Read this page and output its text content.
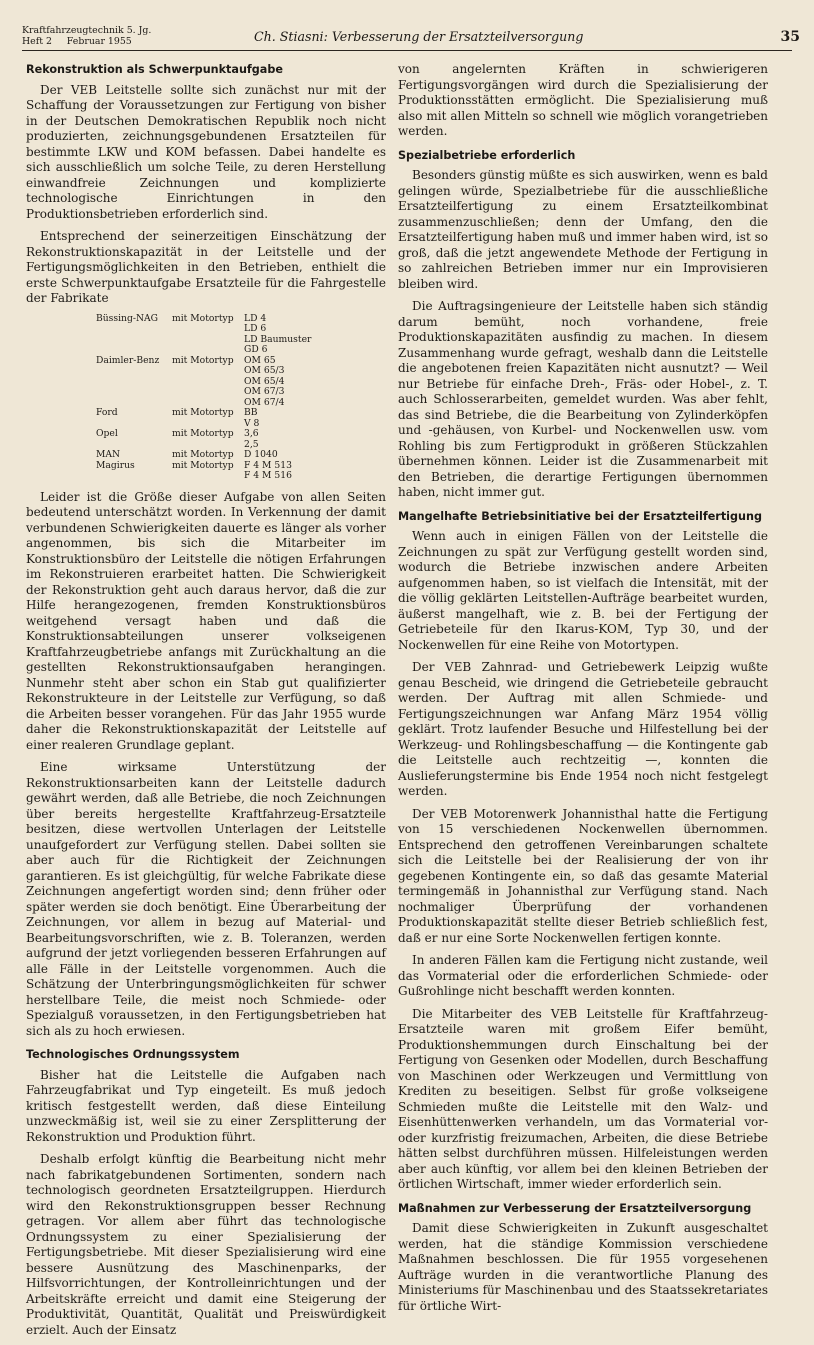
Kraftfahrzeugtechnik 5. Jg.
Heft 2     Februar 1955	Ch. Stiasni: Verbesserung der Ersatzteilversorgung	35
Rekonstruktion als Schwerpunktaufgabe

Der VEB Leitstelle sollte sich zunächst nur mit der Schaffung der Voraussetzungen zur Fertigung von bisher in der Deutschen Demokratischen Republik noch nicht produzierten, zeichnungsgebundenen Ersatzteilen für bestimmte LKW und KOM befassen. Dabei handelte es sich ausschließlich um solche Teile, zu deren Herstellung einwandfreie Zeichnungen und komplizierte technologische Einrichtungen in den Produktionsbetrieben erforderlich sind.

Entsprechend der seinerzeitigen Einschätzung der Rekonstruktionskapazität in der Leitstelle und der Fertigungsmöglichkeiten in den Betrieben, enthielt die erste Schwerpunktaufgabe Ersatzteile für die Fahrgestelle der Fabrikate

Büssing-NAG	mit Motortyp	LD 4
		LD 6
		LD Baumuster
		GD 6
Daimler-Benz	mit Motortyp	OM 65
		OM 65/3
		OM 65/4
		OM 67/3
		OM 67/4
Ford	mit Motortyp	BB
		V 8
Opel	mit Motortyp	3,6
		2,5
MAN	mit Motortyp	D 1040
Magirus	mit Motortyp	F 4 M 513
		F 4 M 516

Leider ist die Größe dieser Aufgabe von allen Seiten bedeutend unterschätzt worden. In Verkennung der damit verbundenen Schwierigkeiten dauerte es länger als vorher angenommen, bis sich die Mitarbeiter im Konstruktionsbüro der Leitstelle die nötigen Erfahrungen im Rekonstruieren erarbeitet hatten. Die Schwierigkeit der Rekonstruktion geht auch daraus hervor, daß die zur Hilfe herangezogenen, fremden Konstruktionsbüros weitgehend versagt haben und daß die Konstruktionsabteilungen unserer volkseigenen Kraftfahrzeugbetriebe anfangs mit Zurückhaltung an die gestellten Rekonstruktionsaufgaben herangingen. Nunmehr steht aber schon ein Stab gut qualifizierter Rekonstrukteure in der Leitstelle zur Verfügung, so daß die Arbeiten besser vorangehen. Für das Jahr 1955 wurde daher die Rekonstruktionskapazität der Leitstelle auf einer realeren Grundlage geplant.

Eine wirksame Unterstützung der Rekonstruktionsarbeiten kann der Leitstelle dadurch gewährt werden, daß alle Betriebe, die noch Zeichnungen über bereits hergestellte Kraftfahrzeug-Ersatzteile besitzen, diese wertvollen Unterlagen der Leitstelle unaufgefordert zur Verfügung stellen. Dabei sollten sie aber auch für die Richtigkeit der Zeichnungen garantieren. Es ist gleichgültig, für welche Fabrikate diese Zeichnungen angefertigt worden sind; denn früher oder später werden sie doch benötigt. Eine Überarbeitung der Zeichnungen, vor allem in bezug auf Material- und Bearbeitungsvorschriften, wie z. B. Toleranzen, werden aufgrund der jetzt vorliegenden besseren Erfahrungen auf alle Fälle in der Leitstelle vorgenommen. Auch die Schätzung der Unterbringungsmöglichkeiten für schwer herstellbare Teile, die meist noch Schmiede- oder Spezialguß voraussetzen, in den Fertigungsbetrieben hat sich als zu hoch erwiesen.

Technologisches Ordnungssystem

Bisher hat die Leitstelle die Aufgaben nach Fahrzeugfabrikat und Typ eingeteilt. Es muß jedoch kritisch festgestellt werden, daß diese Einteilung unzweckmäßig ist, weil sie zu einer Zersplitterung der Rekonstruktion und Produktion führt.

Deshalb erfolgt künftig die Bearbeitung nicht mehr nach fabrikatgebundenen Sortimenten, sondern nach technologisch geordneten Ersatzteilgruppen. Hierdurch wird den Rekonstruktionsgruppen besser Rechnung getragen. Vor allem aber führt das technologische Ordnungssystem zu einer Spezialisierung der Fertigungsbetriebe. Mit dieser Spezialisierung wird eine bessere Ausnützung des Maschinenparks, der Hilfsvorrichtungen, der Kontrolleinrichtungen und der Arbeitskräfte erreicht und damit eine Steigerung der Produktivität, Quantität, Qualität und Preiswürdigkeit erzielt. Auch der Einsatz

von angelernten Kräften in schwierigeren Fertigungsvorgängen wird durch die Spezialisierung der Produktionsstätten ermöglicht. Die Spezialisierung muß also mit allen Mitteln so schnell wie möglich vorangetrieben werden.

Spezialbetriebe erforderlich

Besonders günstig müßte es sich auswirken, wenn es bald gelingen würde, Spezialbetriebe für die ausschließliche Ersatzteilfertigung zu einem Ersatzteilkombinat zusammenzuschließen; denn der Umfang, den die Ersatzteilfertigung haben muß und immer haben wird, ist so groß, daß die jetzt angewendete Methode der Fertigung in so zahlreichen Betrieben immer nur ein Improvisieren bleiben wird.

Die Auftragsingenieure der Leitstelle haben sich ständig darum bemüht, noch vorhandene, freie Produktionskapazitäten ausfindig zu machen. In diesem Zusammenhang wurde gefragt, weshalb dann die Leitstelle die angebotenen freien Kapazitäten nicht ausnutzt? — Weil nur Betriebe für einfache Dreh-, Fräs- oder Hobel-, z. T. auch Schlosserarbeiten, gemeldet wurden. Was aber fehlt, das sind Betriebe, die die Bearbeitung von Zylinderköpfen und -gehäusen, von Kurbel- und Nockenwellen usw. vom Rohling bis zum Fertigprodukt in größeren Stückzahlen übernehmen können. Leider ist die Zusammenarbeit mit den Betrieben, die derartige Fertigungen übernommen haben, nicht immer gut.

Mangelhafte Betriebsinitiative bei der Ersatzteilfertigung

Wenn auch in einigen Fällen von der Leitstelle die Zeichnungen zu spät zur Verfügung gestellt worden sind, wodurch die Betriebe inzwischen andere Arbeiten aufgenommen haben, so ist vielfach die Intensität, mit der die völlig geklärten Leitstellen-Aufträge bearbeitet wurden, äußerst mangelhaft, wie z. B. bei der Fertigung der Getriebeteile für den Ikarus-KOM, Typ 30, und der Nockenwellen für eine Reihe von Motortypen.

Der VEB Zahnrad- und Getriebewerk Leipzig wußte genau Bescheid, wie dringend die Getriebeteile gebraucht werden. Der Auftrag mit allen Schmiede- und Fertigungszeichnungen war Anfang März 1954 völlig geklärt. Trotz laufender Besuche und Hilfestellung bei der Werkzeug- und Rohlingsbeschaffung — die Kontingente gab die Leitstelle auch rechtzeitig —, konnten die Auslieferungstermine bis Ende 1954 noch nicht festgelegt werden.

Der VEB Motorenwerk Johannisthal hatte die Fertigung von 15 verschiedenen Nockenwellen übernommen. Entsprechend den getroffenen Vereinbarungen schaltete sich die Leitstelle bei der Realisierung der von ihr gegebenen Kontingente ein, so daß das gesamte Material termingemäß in Johannisthal zur Verfügung stand. Nach nochmaliger Überprüfung der vorhandenen Produktionskapazität stellte dieser Betrieb schließlich fest, daß er nur eine Sorte Nockenwellen fertigen konnte.

In anderen Fällen kam die Fertigung nicht zustande, weil das Vormaterial oder die erforderlichen Schmiede- oder Gußrohlinge nicht beschafft werden konnten.

Die Mitarbeiter des VEB Leitstelle für Kraftfahrzeug-Ersatzteile waren mit großem Eifer bemüht, Produktionshemmungen durch Einschaltung bei der Fertigung von Gesenken oder Modellen, durch Beschaffung von Maschinen oder Werkzeugen und Vermittlung von Krediten zu beseitigen. Selbst für große volkseigene Schmieden mußte die Leitstelle mit den Walz- und Eisenhüttenwerken verhandeln, um das Vormaterial vor- oder kurzfristig freizumachen, Arbeiten, die diese Betriebe hätten selbst durchführen müssen. Hilfeleistungen werden aber auch künftig, vor allem bei den kleinen Betrieben der örtlichen Wirtschaft, immer wieder erforderlich sein.

Maßnahmen zur Verbesserung der Ersatzteilversorgung

Damit diese Schwierigkeiten in Zukunft ausgeschaltet werden, hat die ständige Kommission verschiedene Maßnahmen beschlossen. Die für 1955 vorgesehenen Aufträge wurden in die verantwortliche Planung des Ministeriums für Maschinenbau und des Staatssekretariates für örtliche Wirt-
